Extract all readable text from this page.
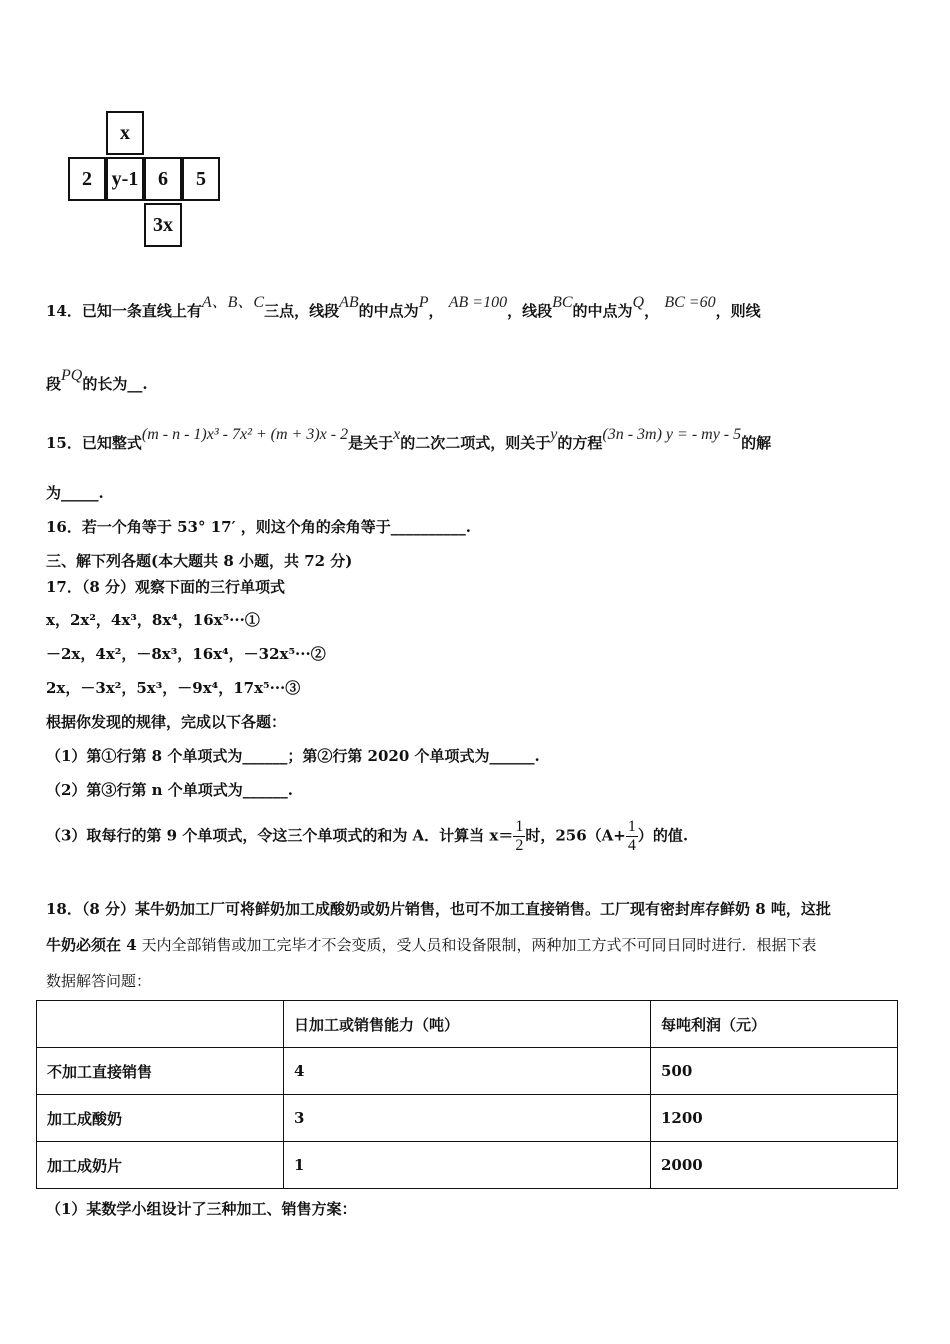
x
2 y-1 6	5
3x
14．已知一条直线上有A、B、C三点，线段AB的中点为P， AB =100，线段BC的中点为Q， BC =60，则线
段PQ的长为__.
15．已知整式(m - n - 1)x³ - 7x² + (m + 3)x - 2是关于x的二次二项式，则关于y的方程(3n - 3m) y = - my - 5的解
为_____.
16．若一个角等于 53° 17′ ，则这个角的余角等于__________.
三、解下列各题(本大题共 8 小题，共 72 分)
17．（8 分）观察下面的三行单项式
x，2x²，4x³，8x⁴，16x⁵···①
－2x，4x²，－8x³，16x⁴，－32x⁵···②
2x，－3x²，5x³，－9x⁴，17x⁵···③
根据你发现的规律，完成以下各题：
（1）第①行第 8 个单项式为______；第②行第 2020 个单项式为______.
（2）第③行第 n 个单项式为______.
（3）取每行的第 9 个单项式，令这三个单项式的和为 A．计算当 $x= \frac{1}{2}$ 时，$256(A+ \frac{1}{4}$ ）的值.
18．（8 分）某牛奶加工厂可将鲜奶加工成酸奶或奶片销售，也可不加工直接销售。工厂现有密封库存鲜奶 8 吨，这批
牛奶必须在 4 天内全部销售或加工完毕才不会变质，受人员和设备限制，两种加工方式不可同日同时进行．根据下表
数据解答问题：
	日加工或销售能力（吨）	每吨利润（元）
不加工直接销售	4	500
加工成酸奶	3	1200
加工成奶片	1	2000
（1）某数学小组设计了三种加工、销售方案：
